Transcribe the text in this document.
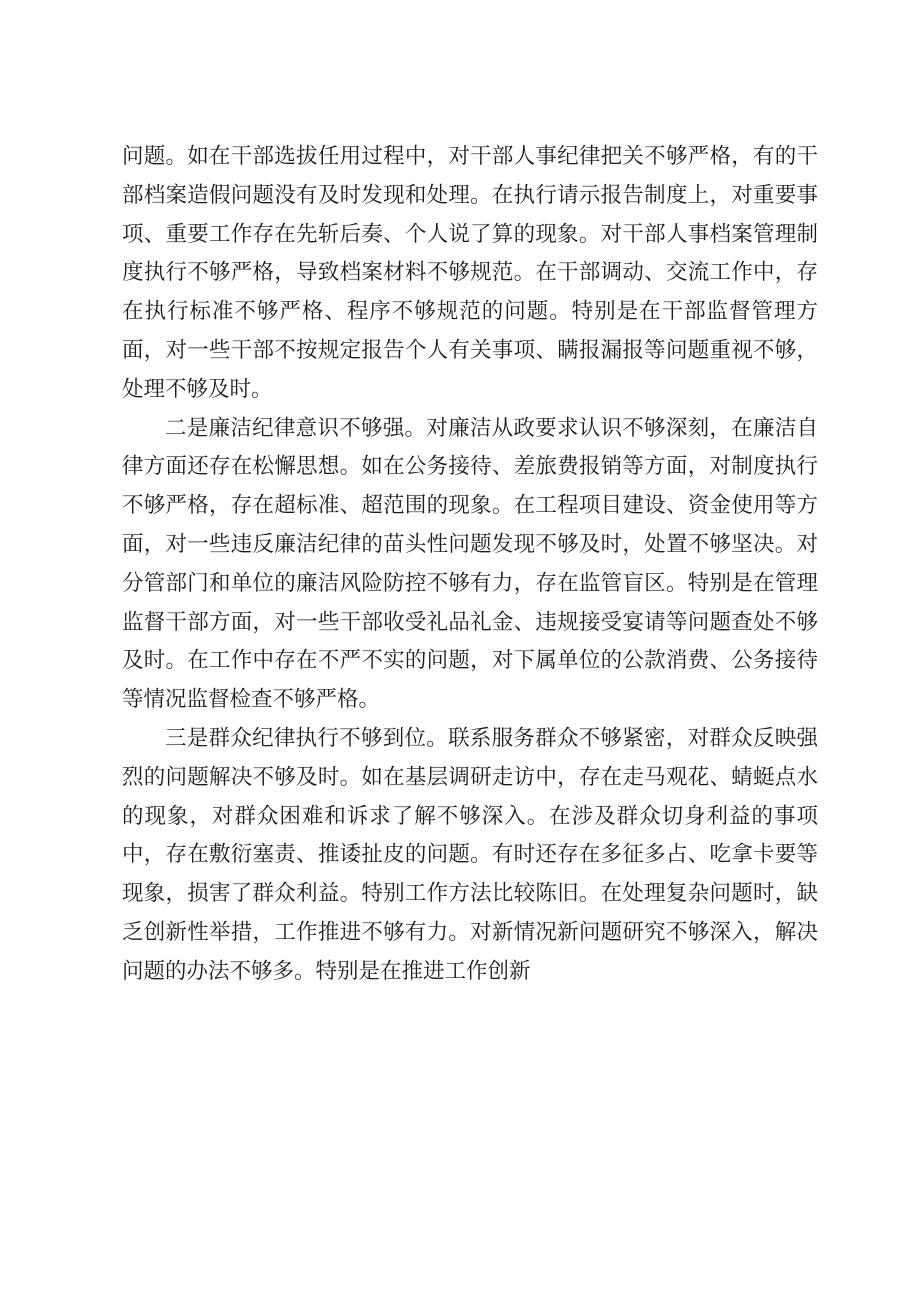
问题。如在干部选拔任用过程中，对干部人事纪律把关不够严格，有的干部档案造假问题没有及时发现和处理。在执行请示报告制度上，对重要事项、重要工作存在先斩后奏、个人说了算的现象。对干部人事档案管理制度执行不够严格，导致档案材料不够规范。在干部调动、交流工作中，存在执行标准不够严格、程序不够规范的问题。特别是在干部监督管理方面，对一些干部不按规定报告个人有关事项、瞒报漏报等问题重视不够，处理不够及时。

二是廉洁纪律意识不够强。对廉洁从政要求认识不够深刻，在廉洁自律方面还存在松懈思想。如在公务接待、差旅费报销等方面，对制度执行不够严格，存在超标准、超范围的现象。在工程项目建设、资金使用等方面，对一些违反廉洁纪律的苗头性问题发现不够及时，处置不够坚决。对分管部门和单位的廉洁风险防控不够有力，存在监管盲区。特别是在管理监督干部方面，对一些干部收受礼品礼金、违规接受宴请等问题查处不够及时。在工作中存在不严不实的问题，对下属单位的公款消费、公务接待等情况监督检查不够严格。

三是群众纪律执行不够到位。联系服务群众不够紧密，对群众反映强烈的问题解决不够及时。如在基层调研走访中，存在走马观花、蜻蜓点水的现象，对群众困难和诉求了解不够深入。在涉及群众切身利益的事项中，存在敷衍塞责、推诿扯皮的问题。有时还存在多征多占、吃拿卡要等现象，损害了群众利益。特别工作方法比较陈旧。在处理复杂问题时，缺乏创新性举措，工作推进不够有力。对新情况新问题研究不够深入，解决问题的办法不够多。特别是在推进工作创新
